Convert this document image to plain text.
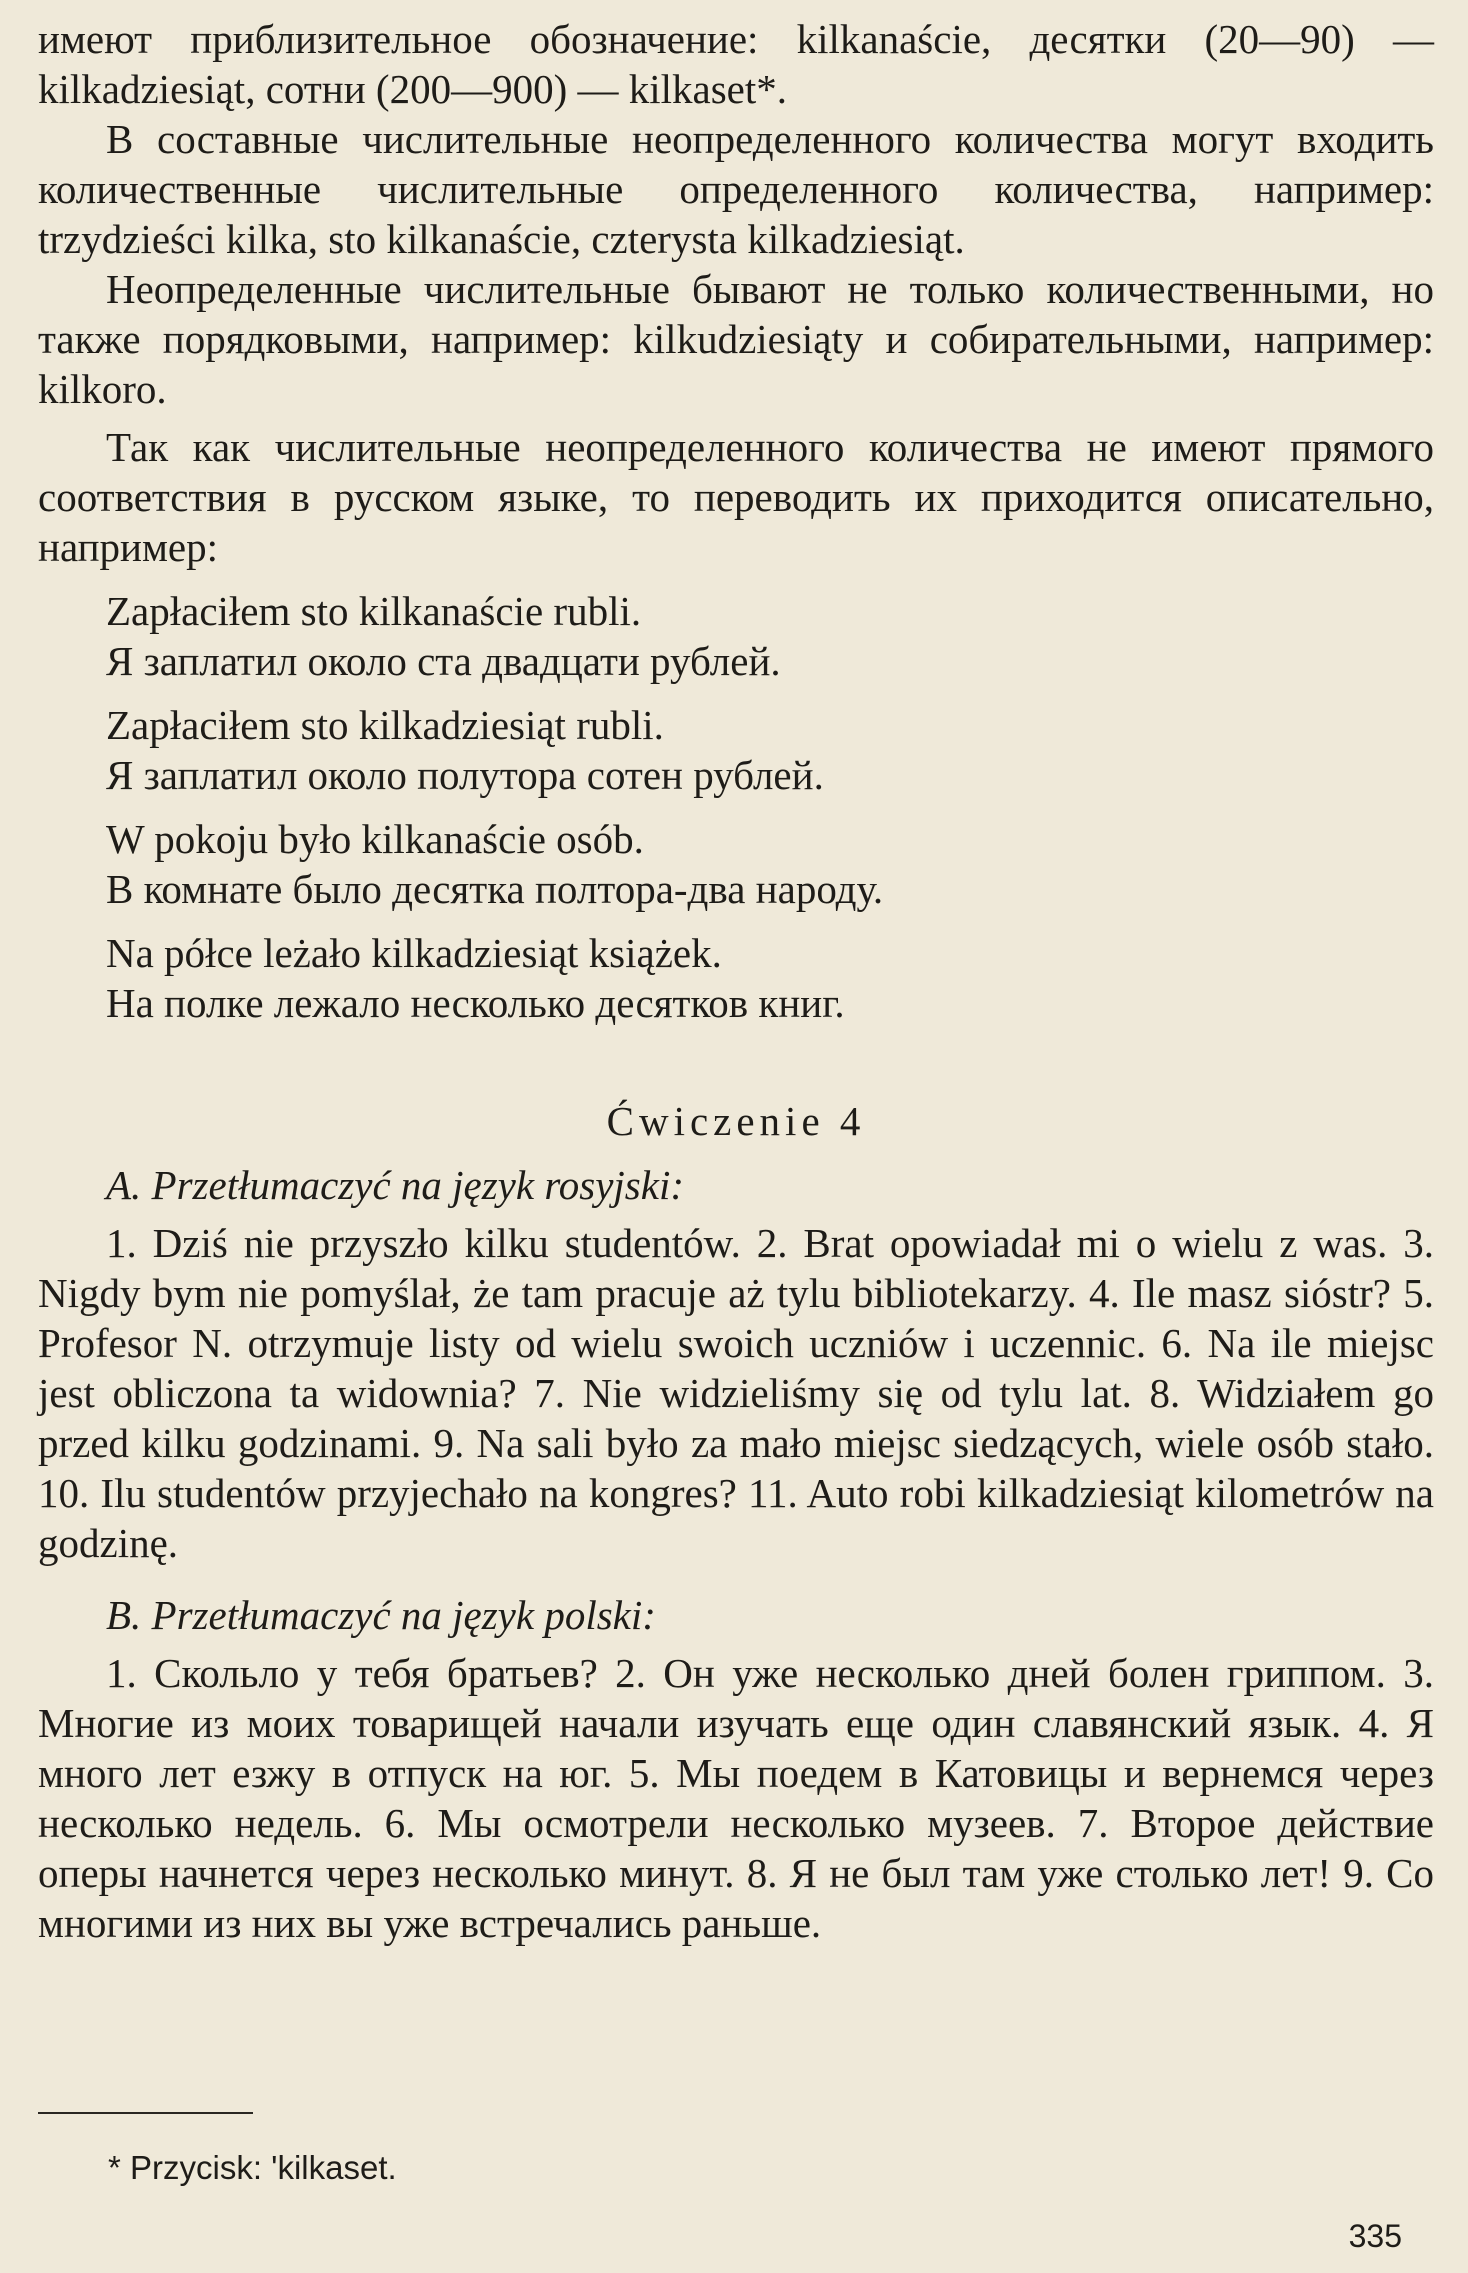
имеют приблизительное обозначение: kilkanaście, десятки (20—90) — kilkadziesiąt, сотни (200—900) — kilkaset*.

В составные числительные неопределенного количества могут входить количественные числительные определенного количества, например: trzydzieści kilka, sto kilkanaście, czterysta kilkadziesiąt.

Неопределенные числительные бывают не только количественными, но также порядковыми, например: kilkudziesiąty и собирательными, например: kilkoro.

Так как числительные неопределенного количества не имеют прямого соответствия в русском языке, то переводить их приходится описательно, например:

Zapłaciłem sto kilkanaście rubli.

Я заплатил около ста двадцати рублей.

Zapłaciłem sto kilkadziesiąt rubli.

Я заплатил около полутора сотен рублей.

W pokoju było kilkanaście osób.

В комнате было десятка полтора-два народу.

Na półce leżało kilkadziesiąt książek.

На полке лежало несколько десятков книг.

Ćwiczenie 4

A. Przetłumaczyć na język rosyjski:

1. Dziś nie przyszło kilku studentów. 2. Brat opowiadał mi o wielu z was. 3. Nigdy bym nie pomyślał, że tam pracuje aż tylu bibliotekarzy. 4. Ile masz sióstr? 5. Profesor N. otrzymuje listy od wielu swoich uczniów i uczennic. 6. Na ile miejsc jest obliczona ta widownia? 7. Nie widzieliśmy się od tylu lat. 8. Widziałem go przed kilku godzinami. 9. Na sali było za mało miejsc siedzących, wiele osób stało. 10. Ilu studentów przyjechało na kongres? 11. Auto robi kilkadziesiąt kilometrów na godzinę.

B. Przetłumaczyć na język polski:

1. Скольло у тебя братьев? 2. Он уже несколько дней болен гриппом. 3. Многие из моих товарищей начали изучать еще один славянский язык. 4. Я много лет езжу в отпуск на юг. 5. Мы поедем в Катовицы и вернемся через несколько недель. 6. Мы осмотрели несколько музеев. 7. Второе действие оперы начнется через несколько минут. 8. Я не был там уже столько лет! 9. Со многими из них вы уже встречались раньше.

* Przycisk: 'kilkaset.
335
